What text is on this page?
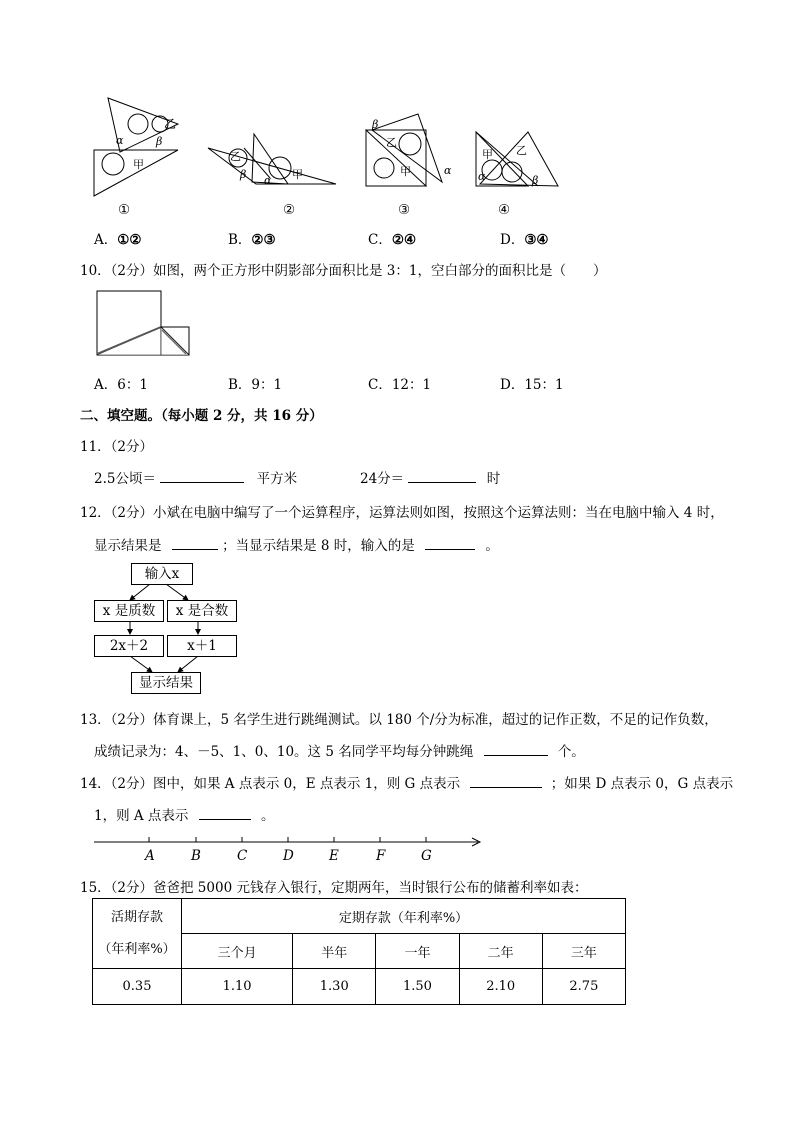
乙
甲
α	β
乙
甲
β α
乙
甲
β
α
甲 乙
α	β
①	②	③	④
A．①②	B．②③	C．②④	D．③④
10．（2分）如图，两个正方形中阴影部分面积比是 3：1，空白部分的面积比是（　　）
A．6：1	B．9：1	C．12：1	D．15：1
二、填空题。（每小题 2 分，共 16 分）
11．（2分）
2.5公顷＝	平方米	24分＝	时
12．（2分）小斌在电脑中编写了一个运算程序，运算法则如图，按照这个运算法则：当在电脑中输入 4 时，
显示结果是	；当显示结果是 8 时，输入的是	。
输入x
x 是质数	x 是合数
2x＋2	x＋1
显示结果
13．（2分）体育课上，5 名学生进行跳绳测试。以 180 个/分为标准，超过的记作正数，不足的记作负数，
成绩记录为：4、－5、1、0、10。这 5 名同学平均每分钟跳绳	个。
14．（2分）图中，如果 A 点表示 0，E 点表示 1，则 G 点表示	；如果 D 点表示 0，G 点表示
1，则 A 点表示	。
A	B	C	D	E	F	G
15．（2分）爸爸把 5000 元钱存入银行，定期两年，当时银行公布的储蓄利率如表：
活期存款
（年利率%）	定期存款（年利率%）				
	三个月	半年	一年	二年	三年
0.35	1.10	1.30	1.50	2.10	2.75
